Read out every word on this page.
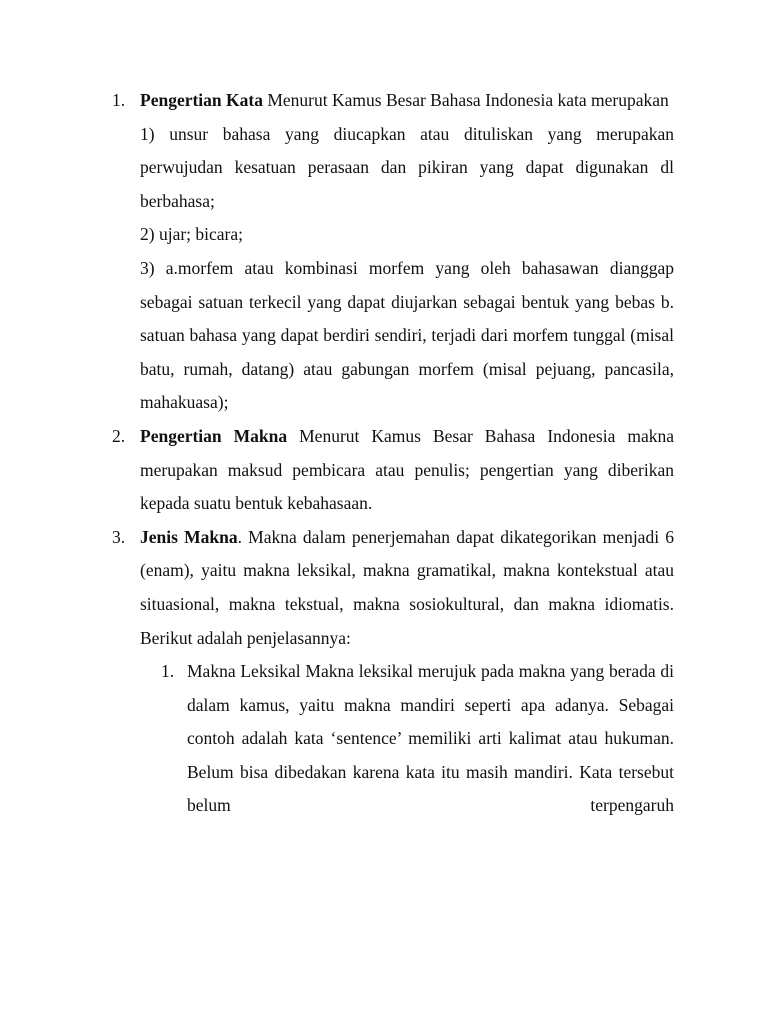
1. Pengertian Kata Menurut Kamus Besar Bahasa Indonesia kata merupakan

1) unsur bahasa yang diucapkan atau dituliskan yang merupakan perwujudan kesatuan perasaan dan pikiran yang dapat digunakan dl berbahasa;

2) ujar; bicara;

3) a.morfem atau kombinasi morfem yang oleh bahasawan dianggap sebagai satuan terkecil yang dapat diujarkan sebagai bentuk yang bebas b. satuan bahasa yang dapat berdiri sendiri, terjadi dari morfem tunggal (misal batu, rumah, datang) atau gabungan morfem (misal pejuang, pancasila, mahakuasa);

2. Pengertian Makna Menurut Kamus Besar Bahasa Indonesia makna merupakan maksud pembicara atau penulis; pengertian yang diberikan kepada suatu bentuk kebahasaan.

3. Jenis Makna. Makna dalam penerjemahan dapat dikategorikan menjadi 6 (enam), yaitu makna leksikal, makna gramatikal, makna kontekstual atau situasional, makna tekstual, makna sosiokultural, dan makna idiomatis. Berikut adalah penjelasannya:

1. Makna Leksikal Makna leksikal merujuk pada makna yang berada di dalam kamus, yaitu makna mandiri seperti apa adanya. Sebagai contoh adalah kata ‘sentence’ memiliki arti kalimat atau hukuman. Belum bisa dibedakan karena kata itu masih mandiri. Kata tersebut belum terpengaruh
